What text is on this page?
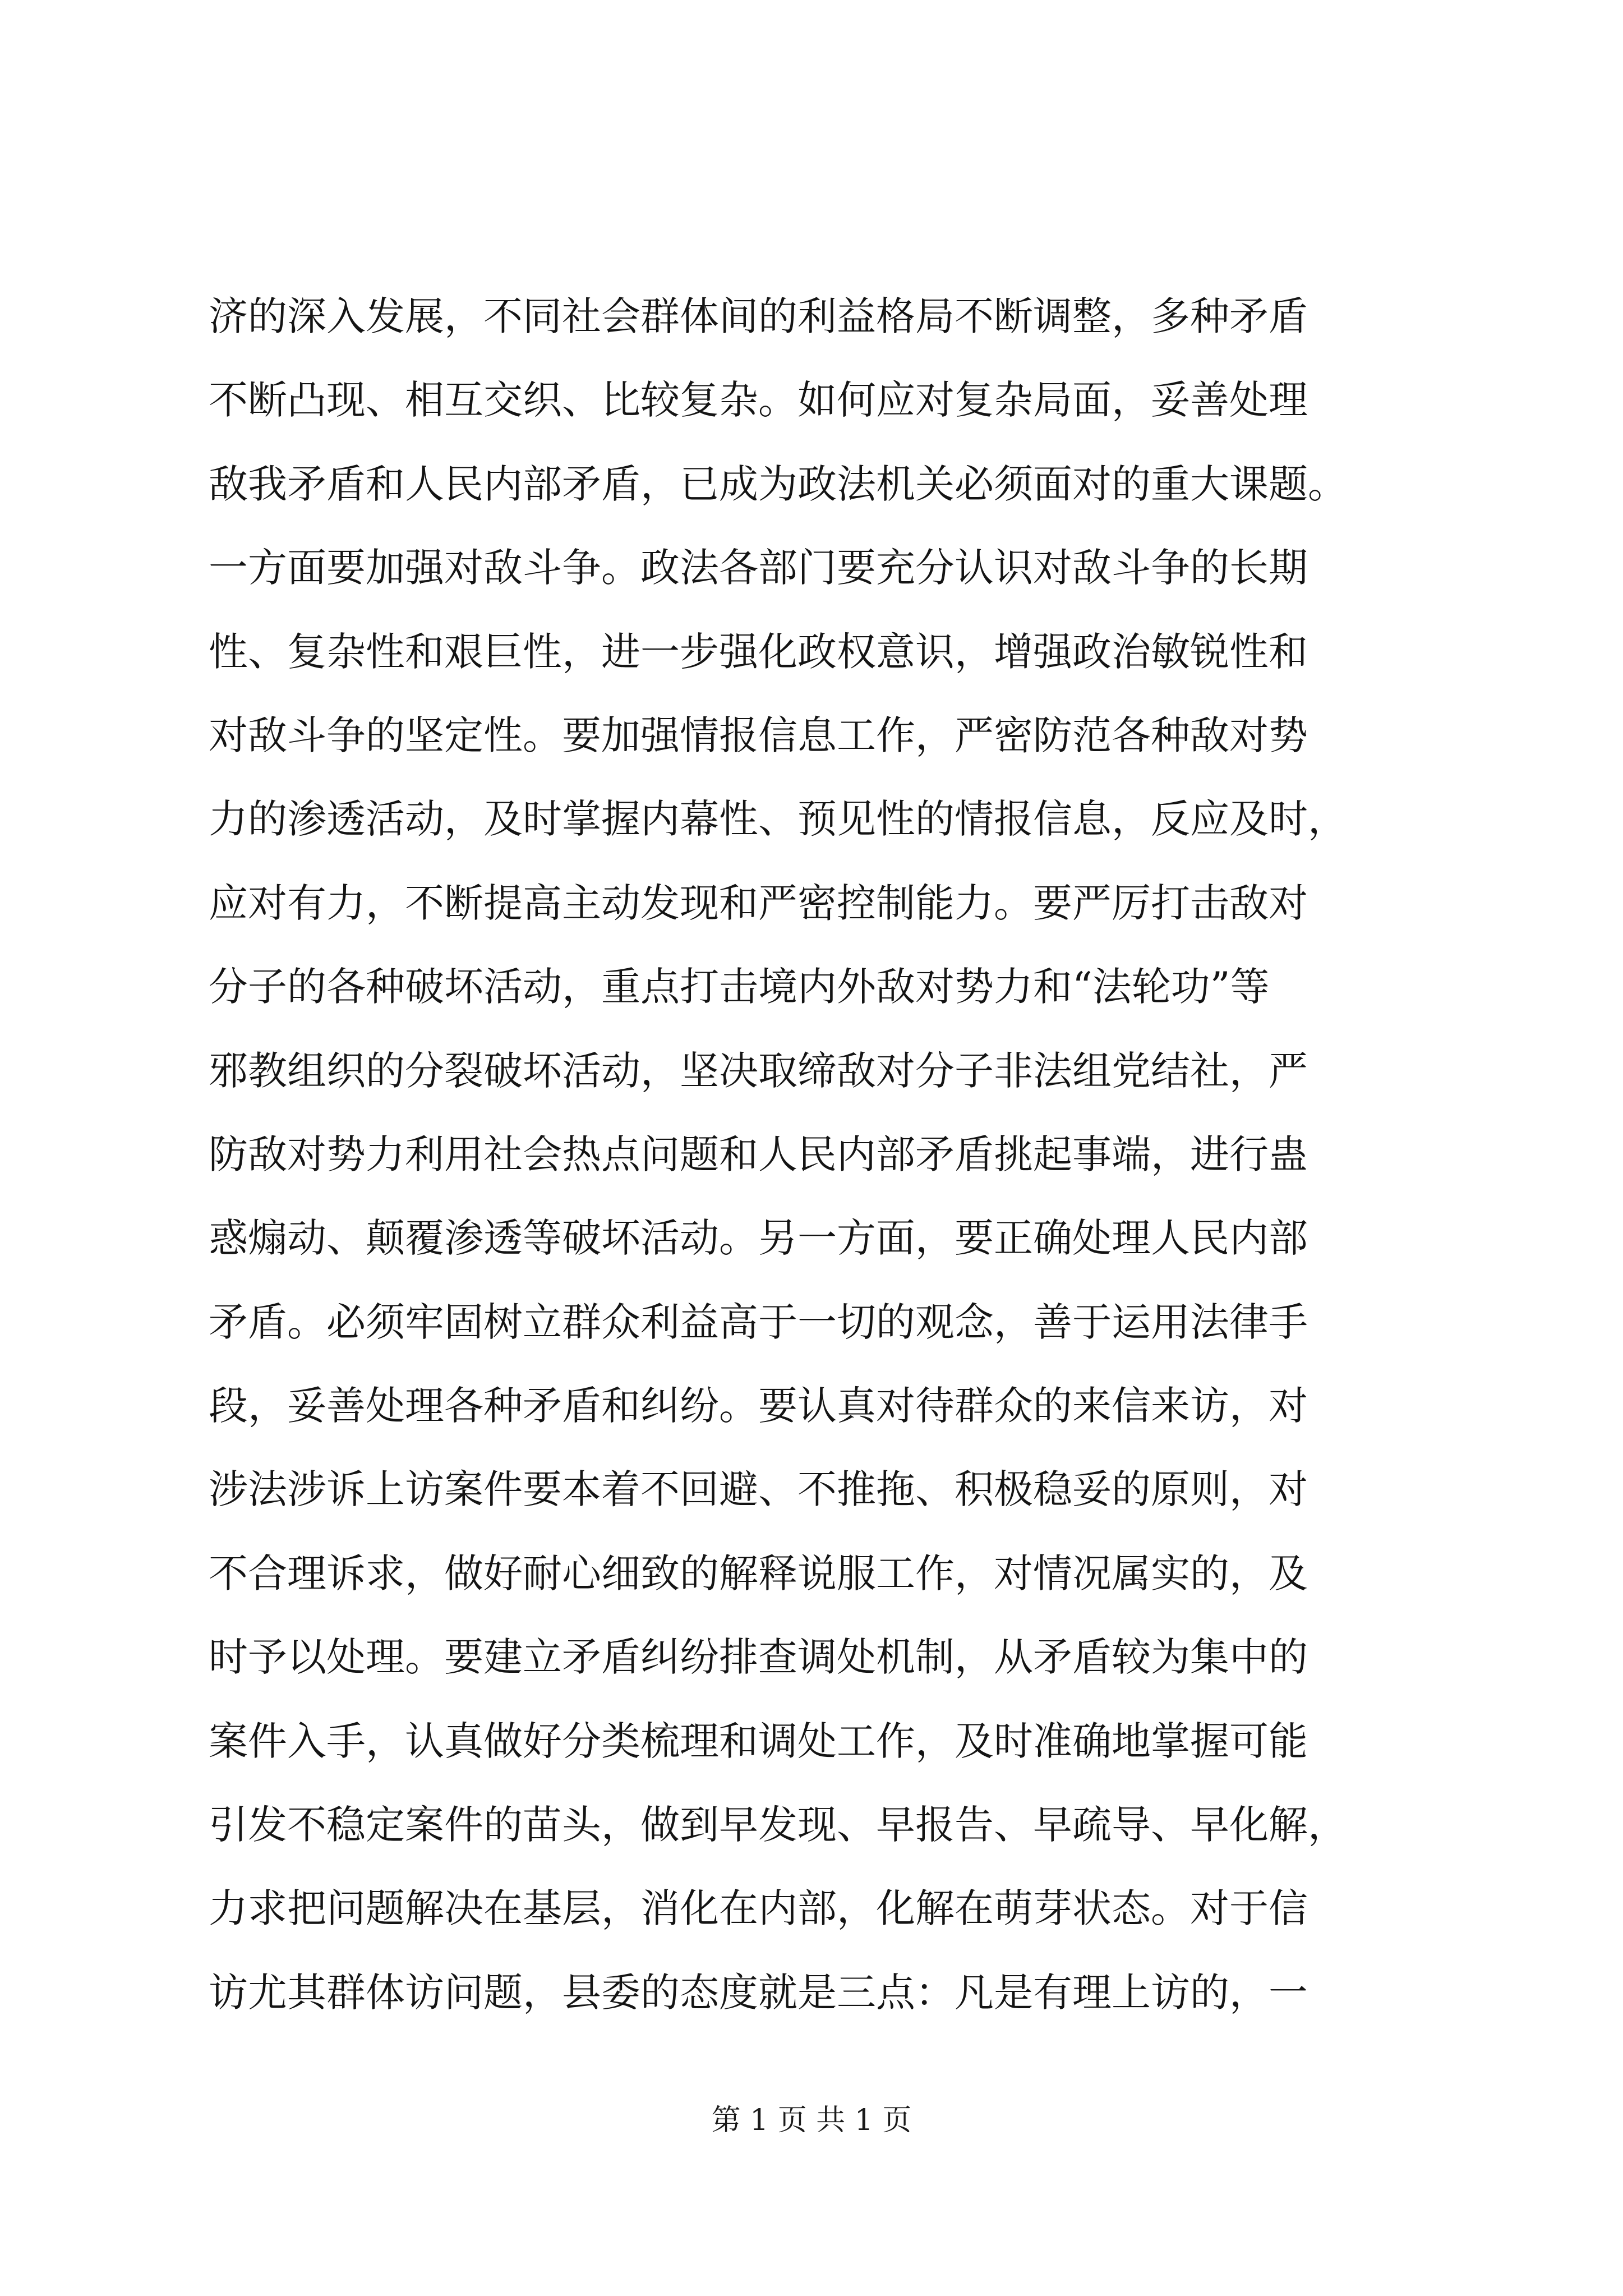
济的深入发展，不同社会群体间的利益格局不断调整，多种矛盾
不断凸现、相互交织、比较复杂。如何应对复杂局面，妥善处理
敌我矛盾和人民内部矛盾，已成为政法机关必须面对的重大课题。
一方面要加强对敌斗争。政法各部门要充分认识对敌斗争的长期
性、复杂性和艰巨性，进一步强化政权意识，增强政治敏锐性和
对敌斗争的坚定性。要加强情报信息工作，严密防范各种敌对势
力的渗透活动，及时掌握内幕性、预见性的情报信息，反应及时，
应对有力，不断提高主动发现和严密控制能力。要严厉打击敌对
分子的各种破坏活动，重点打击境内外敌对势力和“法轮功”等
邪教组织的分裂破坏活动，坚决取缔敌对分子非法组党结社，严
防敌对势力利用社会热点问题和人民内部矛盾挑起事端，进行蛊
惑煽动、颠覆渗透等破坏活动。另一方面，要正确处理人民内部
矛盾。必须牢固树立群众利益高于一切的观念，善于运用法律手
段，妥善处理各种矛盾和纠纷。要认真对待群众的来信来访，对
涉法涉诉上访案件要本着不回避、不推拖、积极稳妥的原则，对
不合理诉求，做好耐心细致的解释说服工作，对情况属实的，及
时予以处理。要建立矛盾纠纷排查调处机制，从矛盾较为集中的
案件入手，认真做好分类梳理和调处工作，及时准确地掌握可能
引发不稳定案件的苗头，做到早发现、早报告、早疏导、早化解，
力求把问题解决在基层，消化在内部，化解在萌芽状态。对于信
访尤其群体访问题，县委的态度就是三点：凡是有理上访的，一
第 1 页 共 1 页
